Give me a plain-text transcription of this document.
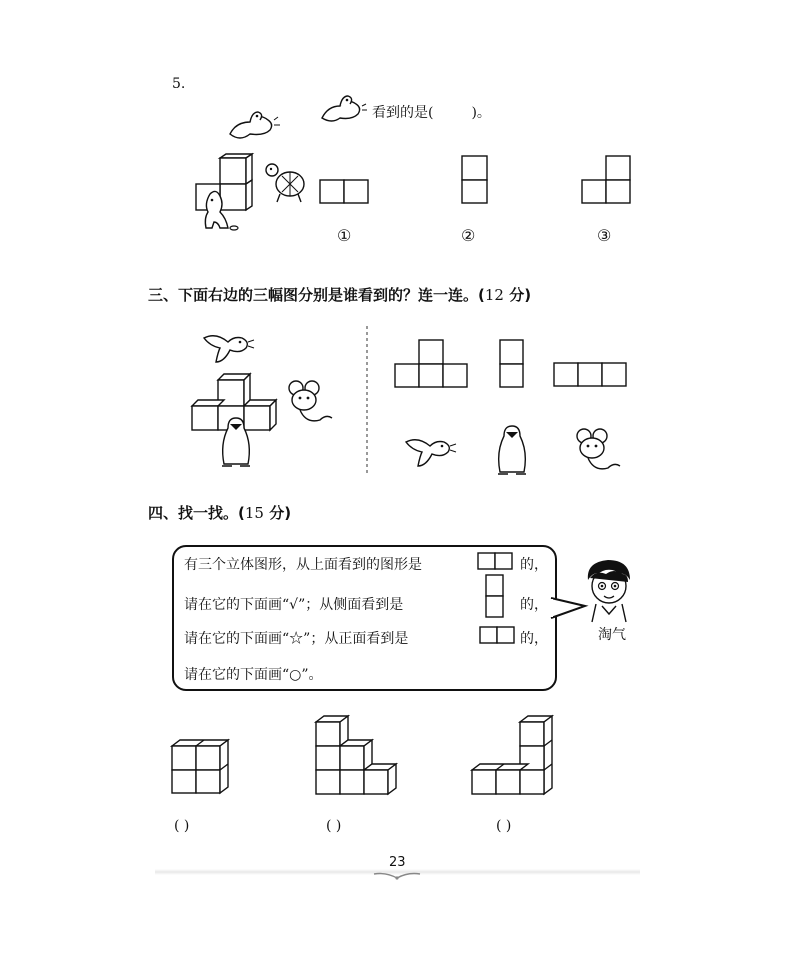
5.
看到的是(	)。
①	②	③
三、下面右边的三幅图分别是谁看到的？连一连。(12 分)
四、找一找。(15 分)
有三个立体图形，从上面看到的图形是	的，
请在它的下面画“√”；从侧面看到是	的，
请在它的下面画“☆”；从正面看到是	的，
请在它的下面画“○”。
淘气
( )	( )	( )
23
